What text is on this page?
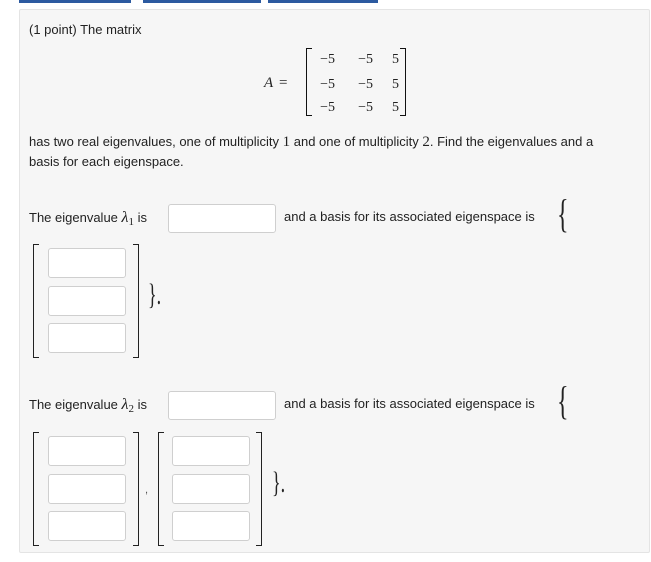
(1 point) The matrix
A =
−5	−5	5
−5	−5	5
−5	−5	5
has two real eigenvalues, one of multiplicity 1 and one of multiplicity 2. Find the eigenvalues and a
basis for each eigenspace.
The eigenvalue λ1 is	and a basis for its associated eigenspace is {
}.
The eigenvalue λ2 is	and a basis for its associated eigenspace is {
,	}.
